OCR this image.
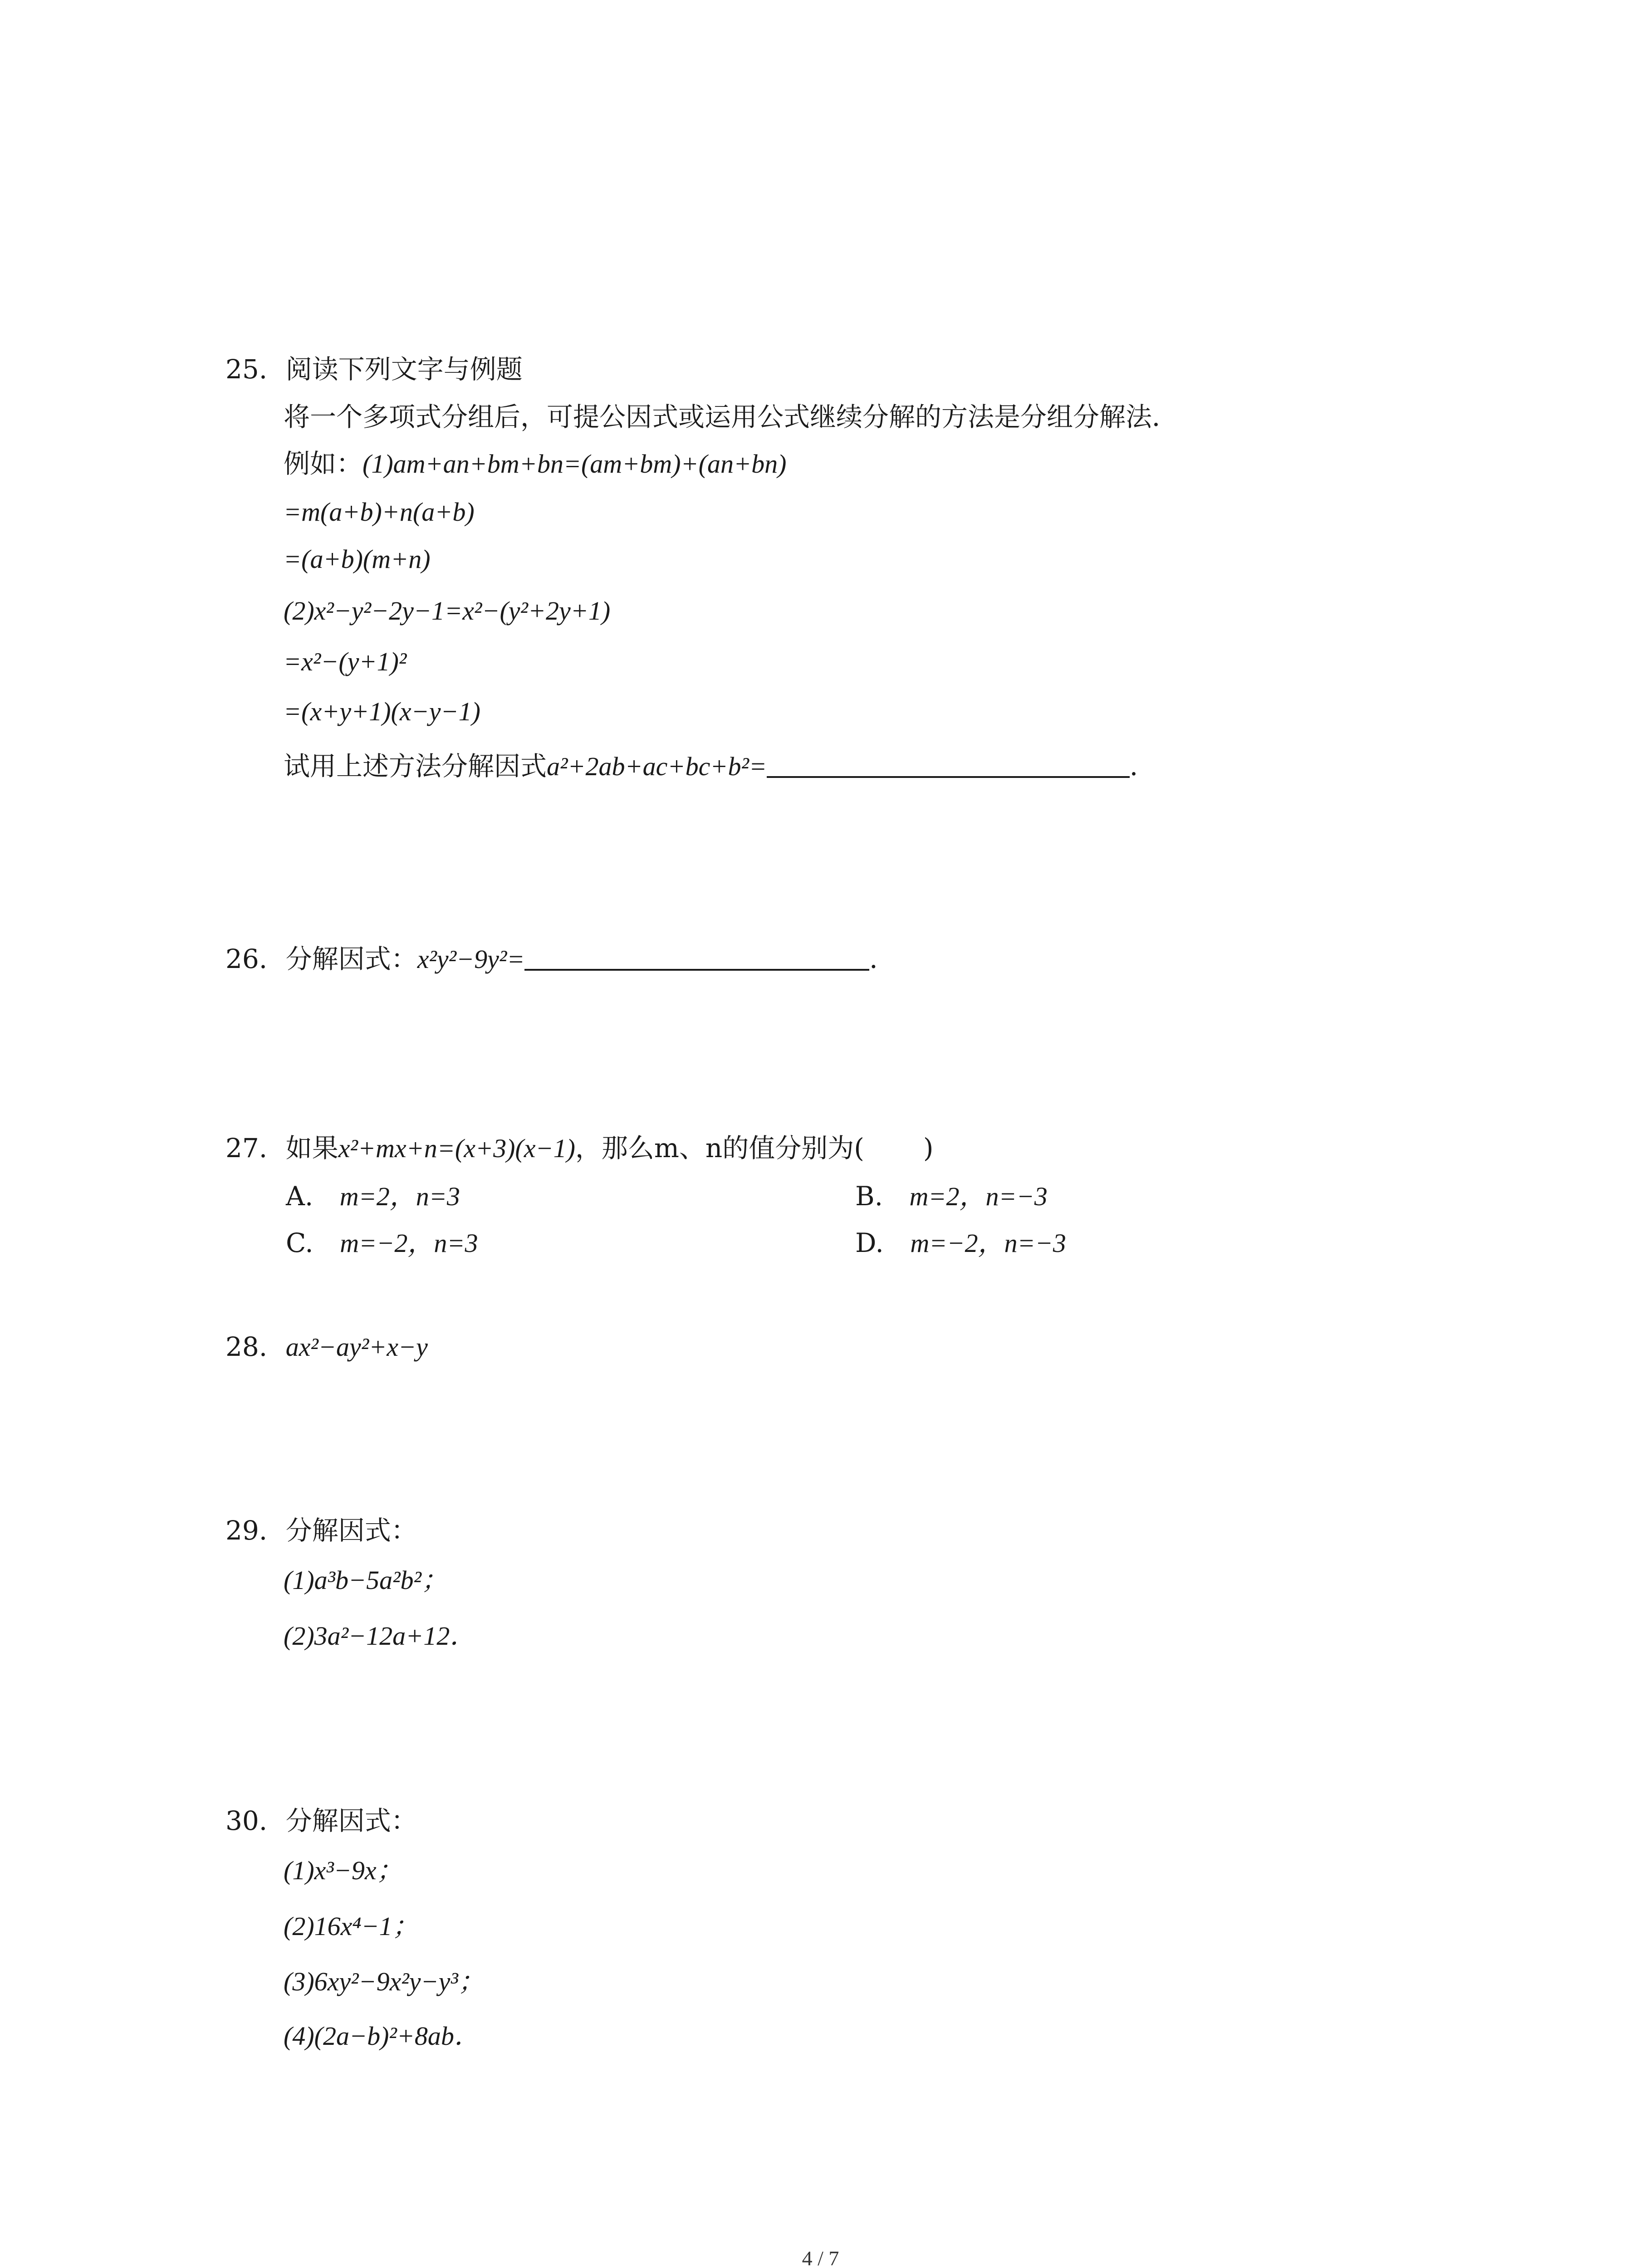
25. 阅读下列文字与例题
将一个多项式分组后，可提公因式或运用公式继续分解的方法是分组分解法．
例如：(1)am+an+bm+bn=(am+bm)+(an+bn)
=m(a+b)+n(a+b)
=(a+b)(m+n)
(2)x²−y²−2y−1=x²−(y²+2y+1)
=x²−(y+1)²
=(x+y+1)(x−y−1)
试用上述方法分解因式a²+2ab+ac+bc+b²=	．
26. 分解因式：x²y²−9y²=	．
27. 如果x²+mx+n=(x+3)(x−1)，那么m、n的值分别为( )
A. m=2，n=3	B. m=2，n=−3
C. m=−2，n=3	D. m=−2，n=−3
28. ax²−ay²+x−y
29. 分解因式：
(1)a³b−5a²b²；
(2)3a²−12a+12．
30. 分解因式：
(1)x³−9x；
(2)16x⁴−1；
(3)6xy²−9x²y−y³；
(4)(2a−b)²+8ab．
4 / 7
